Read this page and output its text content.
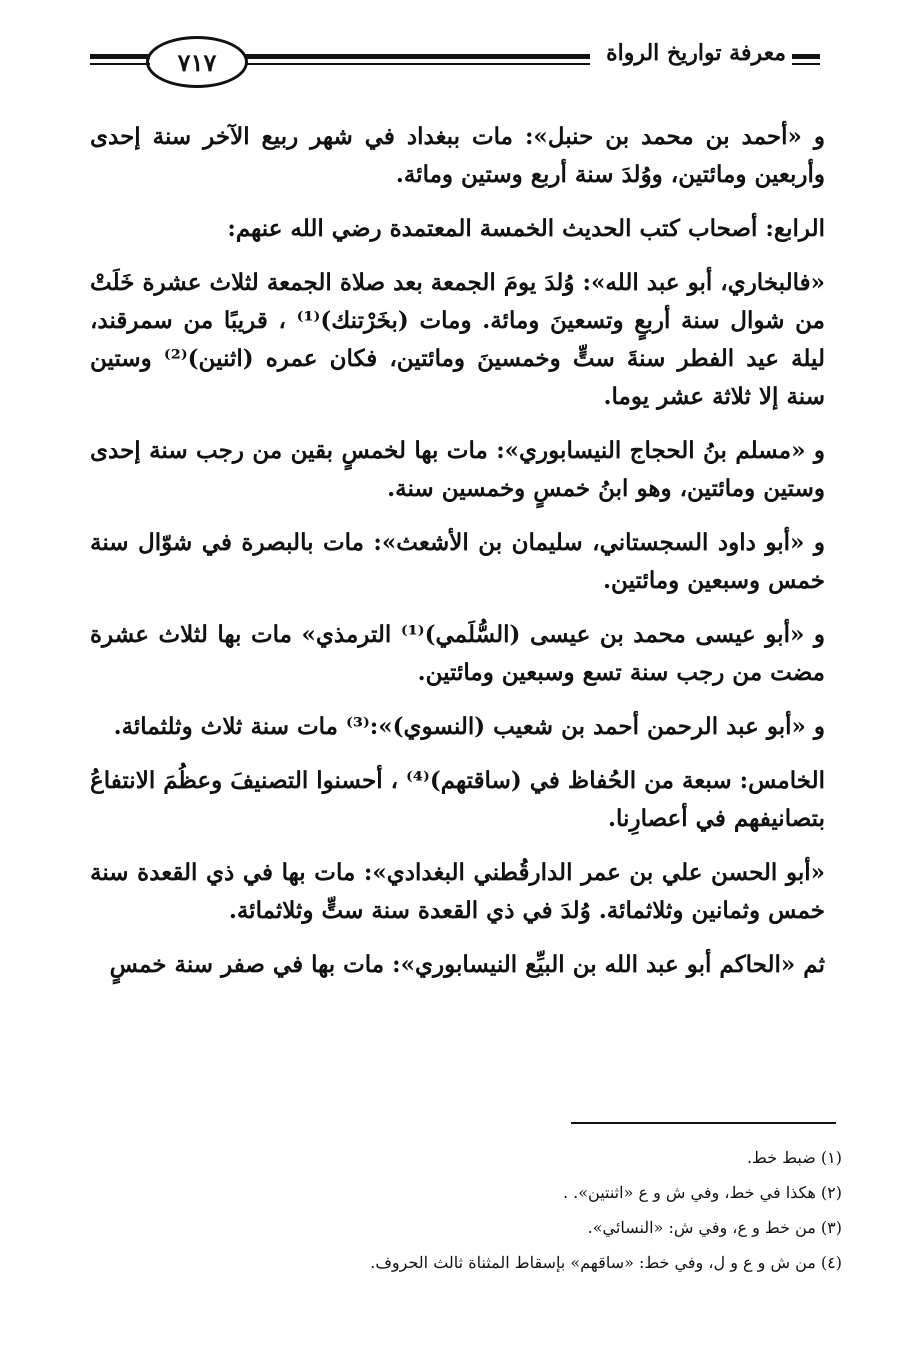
معرفة تواريخ الرواة
٧١٧

و «أحمد بن محمد بن حنبل»: مات ببغداد في شهر ربيع الآخر سنة إحدى وأربعين ومائتين، ووُلدَ سنة أربع وستين ومائة.

الرابع: أصحاب كتب الحديث الخمسة المعتمدة رضي الله عنهم:

«فالبخاري، أبو عبد الله»: وُلدَ يومَ الجمعة بعد صلاة الجمعة لثلاث عشرة خَلَتْ من شوال سنة أربعٍ وتسعينَ ومائة. ومات (بخَرْتنك)⁽¹⁾ ، قريبًا من سمرقند، ليلة عيد الفطر سنةَ ستٍّ وخمسينَ ومائتين، فكان عمره (اثنين)⁽²⁾ وستين سنة إلا ثلاثة عشر يوما.

و «مسلم بنُ الحجاج النيسابوري»: مات بها لخمسٍ بقين من رجب سنة إحدى وستين ومائتين، وهو ابنُ خمسٍ وخمسين سنة.

و «أبو داود السجستاني، سليمان بن الأشعث»: مات بالبصرة في شوّال سنة خمس وسبعين ومائتين.

و «أبو عيسى محمد بن عيسى (السُّلَمي)⁽¹⁾ الترمذي» مات بها لثلاث عشرة مضت من رجب سنة تسع وسبعين ومائتين.

و «أبو عبد الرحمن أحمد بن شعيب (النسوي)»:⁽³⁾ مات سنة ثلاث وثلثمائة.

الخامس: سبعة من الحُفاظ في (ساقتهم)⁽⁴⁾ ، أحسنوا التصنيفَ وعظُمَ الانتفاعُ بتصانيفهم في أعصارِنا.

«أبو الحسن علي بن عمر الدارقُطني البغدادي»: مات بها في ذي القعدة سنة خمس وثمانين وثلاثمائة. وُلدَ في ذي القعدة سنة ستٍّ وثلاثمائة.

ثم «الحاكم أبو عبد الله بن البيِّع النيسابوري»: مات بها في صفر سنة خمسٍ

(١) ضبط خط.
(٢) هكذا في خط، وفي ش و ع «اثنتين». .
(٣) من خط و ع، وفي ش: «النسائي».
(٤) من ش و ع و ل، وفي خط: «ساقهم» بإسقاط المثناة ثالث الحروف.
